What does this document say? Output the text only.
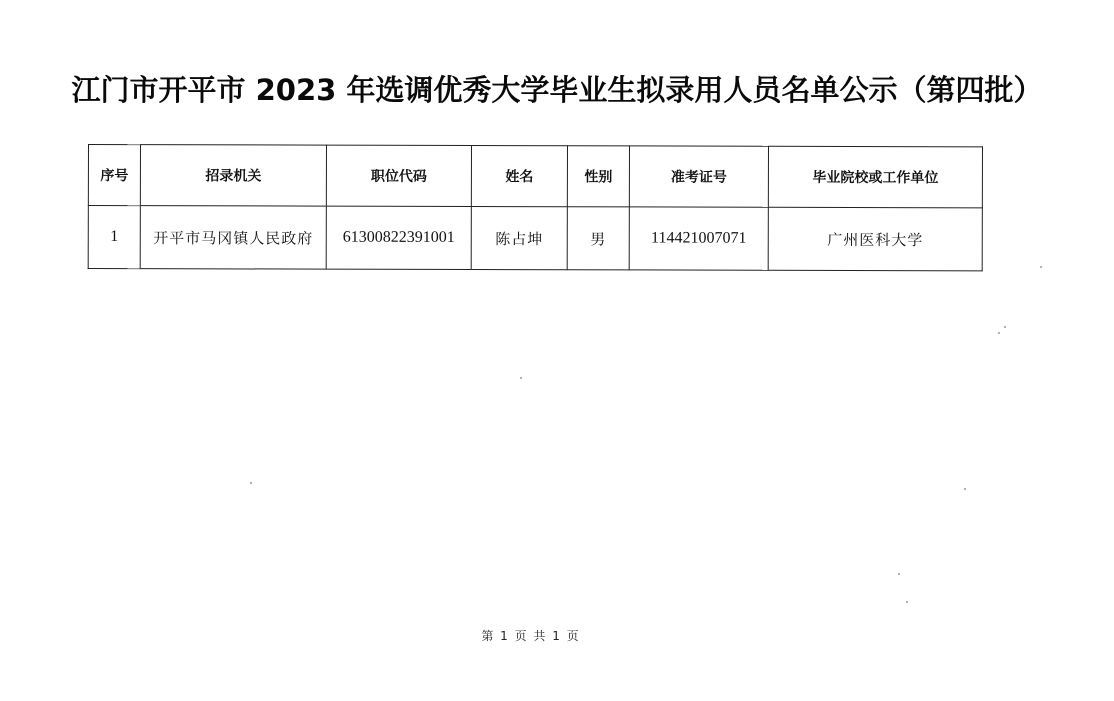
江门市开平市 2023 年选调优秀大学毕业生拟录用人员名单公示（第四批）
序号	招录机关	职位代码	姓名	性别	准考证号	毕业院校或工作单位
1	开平市马冈镇人民政府	61300822391001	陈占坤	男	114421007071	广州医科大学
第 1 页 共 1 页
